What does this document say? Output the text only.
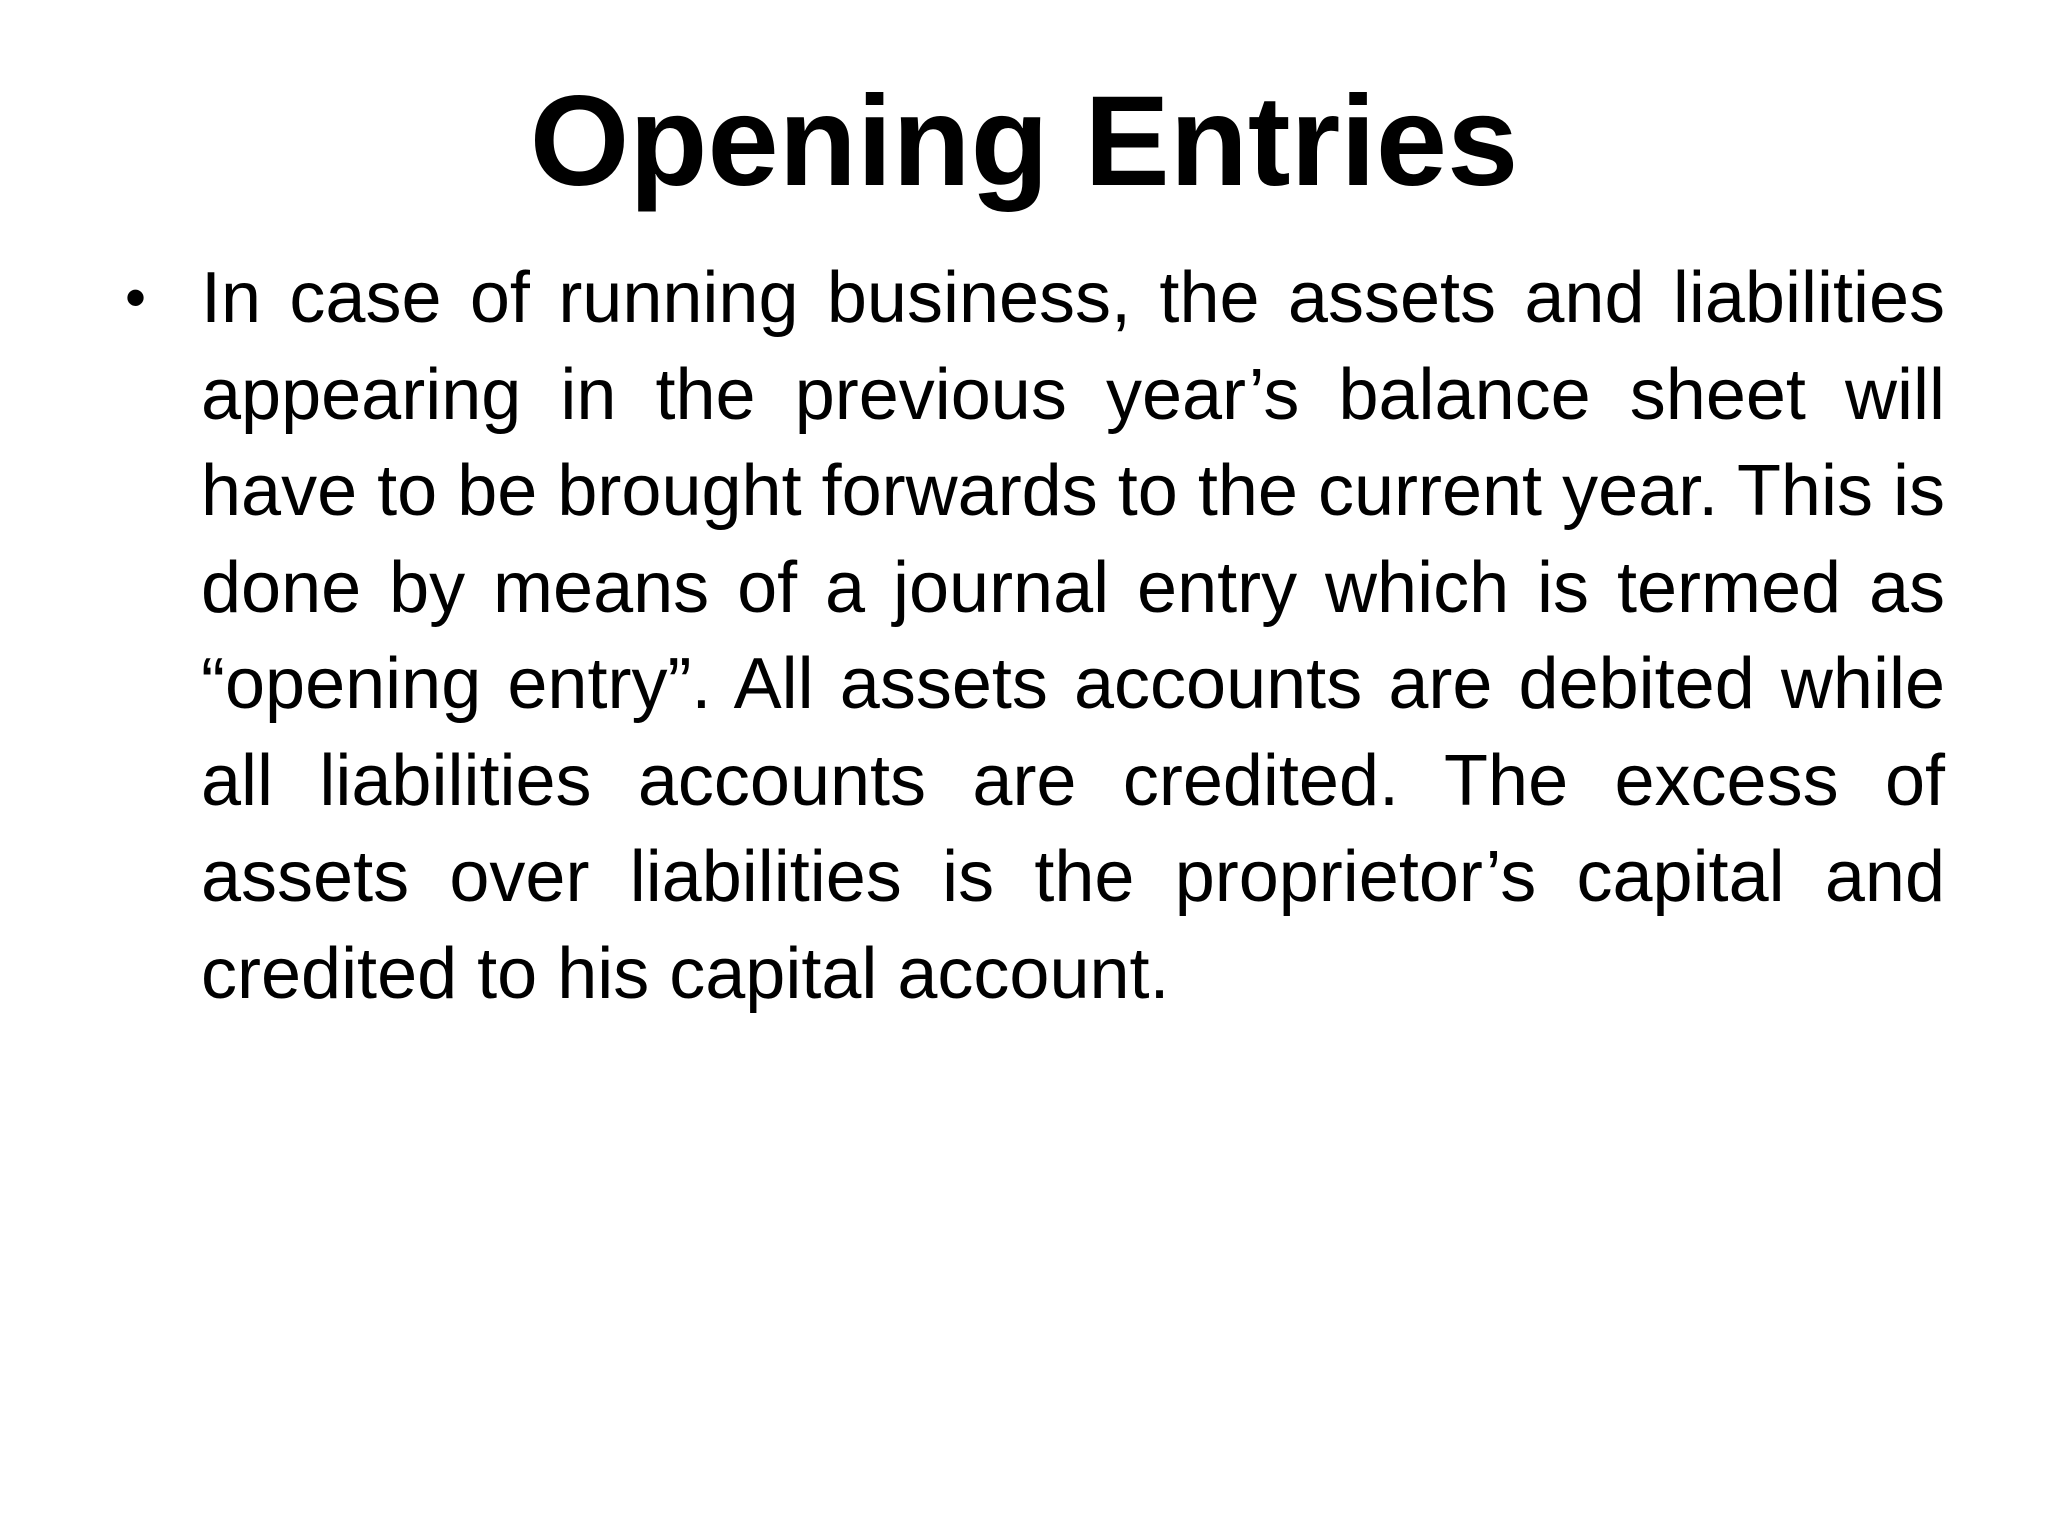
Opening Entries
• In case of running business, the assets and liabilities appearing in the previous year’s balance sheet will have to be brought forwards to the current year. This is done by means of a journal entry which is termed as “opening entry”. All assets accounts are debited while all liabilities accounts are credited. The excess of assets over liabilities is the proprietor’s capital and credited to his capital account.
